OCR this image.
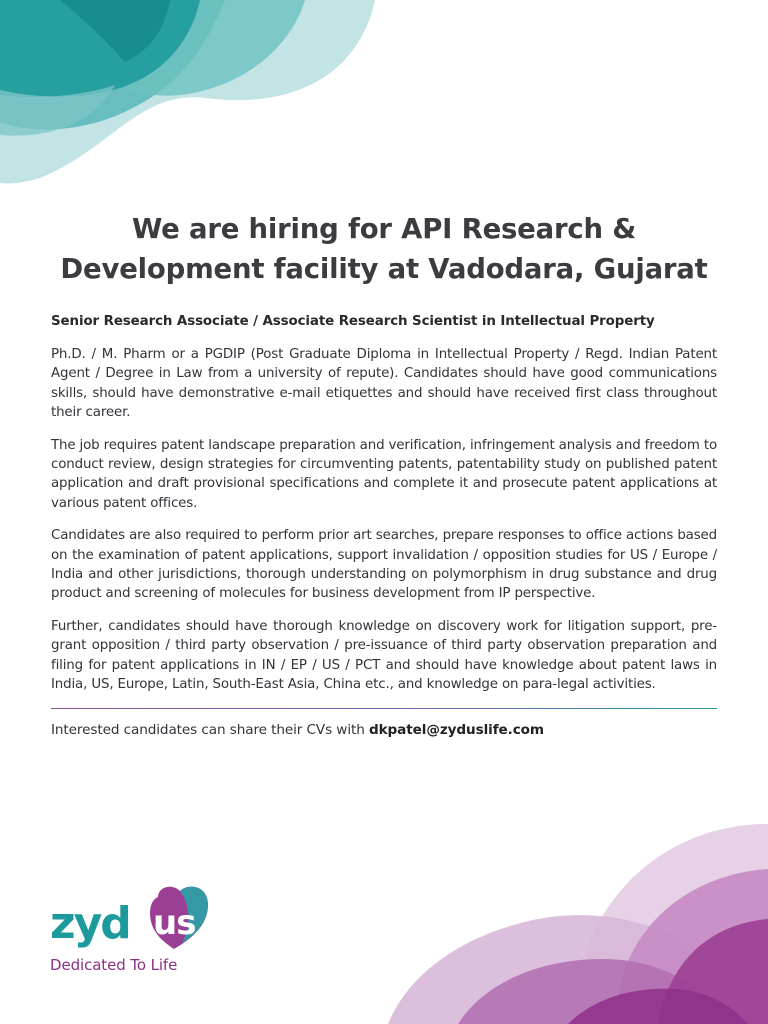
We are hiring for API Research &
Development facility at Vadodara, Gujarat

Senior Research Associate / Associate Research Scientist in Intellectual Property

Ph.D. / M. Pharm or a PGDIP (Post Graduate Diploma in Intellectual Property / Regd. Indian Patent Agent / Degree in Law from a university of repute). Candidates should have good communications skills, should have demonstrative e-mail etiquettes and should have received first class throughout their career.

The job requires patent landscape preparation and verification, infringement analysis and freedom to conduct review, design strategies for circumventing patents, patentability study on published patent application and draft provisional specifications and complete it and prosecute patent applications at various patent offices.

Candidates are also required to perform prior art searches, prepare responses to office actions based on the examination of patent applications, support invalidation / opposition studies for US / Europe / India and other jurisdictions, thorough understanding on polymorphism in drug substance and drug product and screening of molecules for business development from IP perspective.

Further, candidates should have thorough knowledge on discovery work for litigation support, pre-grant opposition / third party observation / pre-issuance of third party observation preparation and filing for patent applications in IN / EP / US / PCT and should have knowledge about patent laws in India, US, Europe, Latin, South-East Asia, China etc., and knowledge on para-legal activities.

Interested candidates can share their CVs with dkpatel@zyduslife.com

zyd us

Dedicated To Life
